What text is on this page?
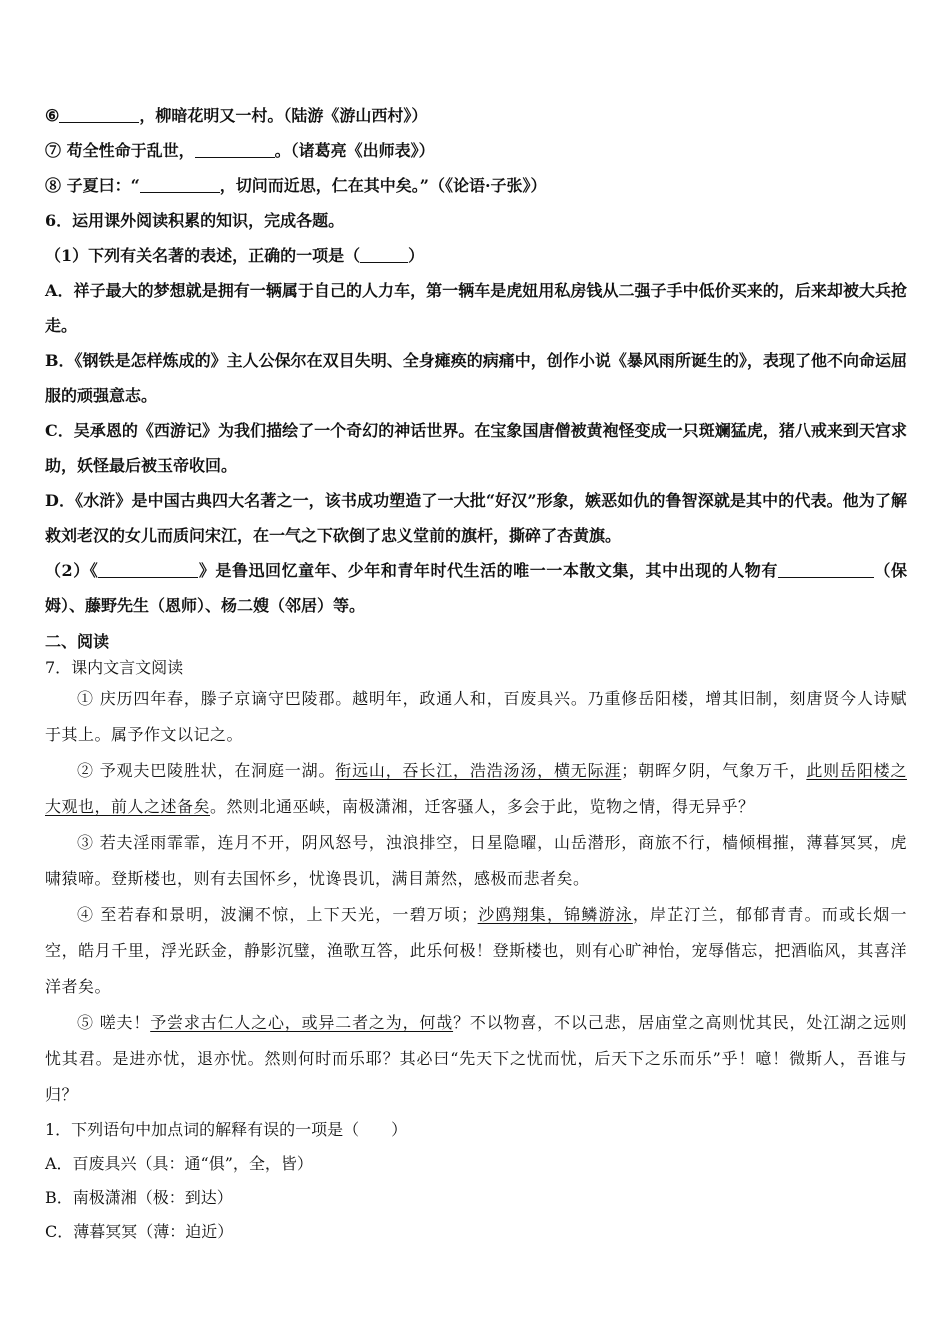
⑥	，柳暗花明又一村。（陆游《游山西村》）
⑦ 苟全性命于乱世，	。（诸葛亮《出师表》）
⑧ 子夏曰：“	，切问而近思，仁在其中矣。”（《论语·子张》）
6．运用课外阅读积累的知识，完成各题。
（1）下列有关名著的表述，正确的一项是（	）
A．祥子最大的梦想就是拥有一辆属于自己的人力车，第一辆车是虎妞用私房钱从二强子手中低价买来的，后来却被大兵抢走。
B．《钢铁是怎样炼成的》主人公保尔在双目失明、全身瘫痪的病痛中，创作小说《暴风雨所诞生的》，表现了他不向命运屈服的顽强意志。
C．吴承恩的《西游记》为我们描绘了一个奇幻的神话世界。在宝象国唐僧被黄袍怪变成一只斑斓猛虎，猪八戒来到天宫求助，妖怪最后被玉帝收回。
D．《水浒》是中国古典四大名著之一，该书成功塑造了一大批“好汉”形象，嫉恶如仇的鲁智深就是其中的代表。他为了解救刘老汉的女儿而质问宋江，在一气之下砍倒了忠义堂前的旗杆，撕碎了杏黄旗。
（2）《	》是鲁迅回忆童年、少年和青年时代生活的唯一一本散文集，其中出现的人物有	（保姆）、藤野先生（恩师）、杨二嫂（邻居）等。
二、阅读
7．课内文言文阅读
① 庆历四年春，滕子京谪守巴陵郡。越明年，政通人和，百废具兴。乃重修岳阳楼，增其旧制，刻唐贤今人诗赋于其上。属予作文以记之。
② 予观夫巴陵胜状，在洞庭一湖。衔远山，吞长江，浩浩汤汤，横无际涯；朝晖夕阴，气象万千，此则岳阳楼之大观也，前人之述备矣。然则北通巫峡，南极潇湘，迁客骚人，多会于此，览物之情，得无异乎？
③ 若夫淫雨霏霏，连月不开，阴风怒号，浊浪排空，日星隐曜，山岳潜形，商旅不行，樯倾楫摧，薄暮冥冥，虎啸猿啼。登斯楼也，则有去国怀乡，忧谗畏讥，满目萧然，感极而悲者矣。
④ 至若春和景明，波澜不惊，上下天光，一碧万顷；沙鸥翔集，锦鳞游泳，岸芷汀兰，郁郁青青。而或长烟一空，皓月千里，浮光跃金，静影沉璧，渔歌互答，此乐何极！登斯楼也，则有心旷神怡，宠辱偕忘，把酒临风，其喜洋洋者矣。
⑤ 嗟夫！予尝求古仁人之心，或异二者之为，何哉？不以物喜，不以己悲，居庙堂之高则忧其民，处江湖之远则忧其君。是进亦忧，退亦忧。然则何时而乐耶？其必曰“先天下之忧而忧，后天下之乐而乐”乎！噫！微斯人，吾谁与归？
1．下列语句中加点词的解释有误的一项是（　　）
A．百废具兴（具：通“俱”，全，皆）
B．南极潇湘（极：到达）
C．薄暮冥冥（薄：迫近）
